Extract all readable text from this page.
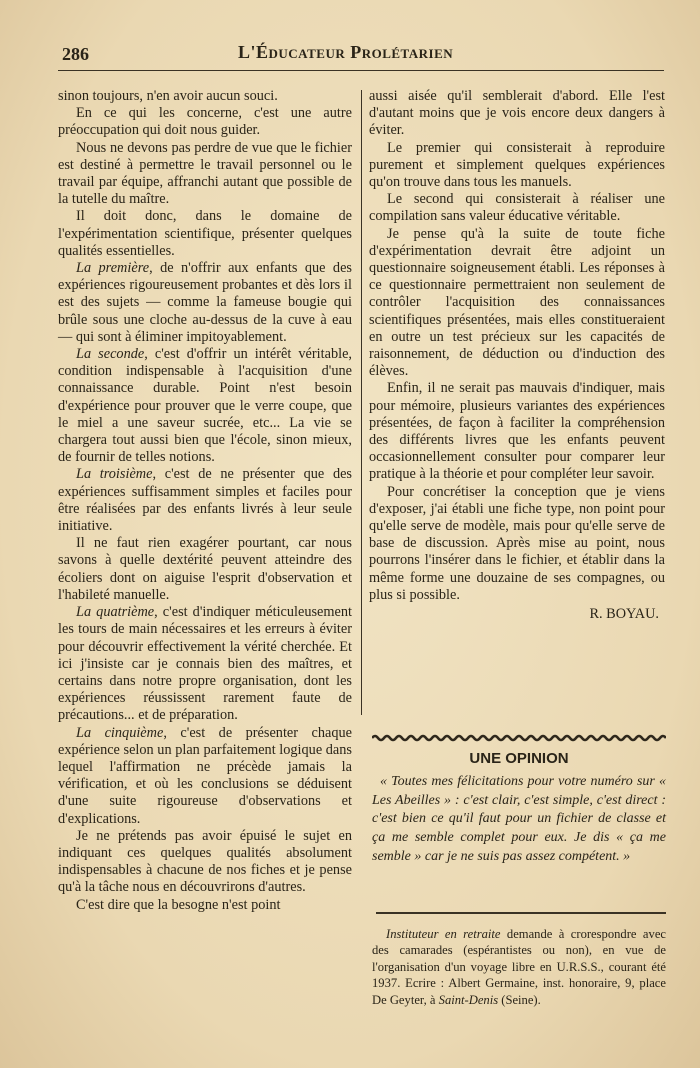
286	L'Éducateur Prolétarien

sinon toujours, n'en avoir aucun souci.

En ce qui les concerne, c'est une autre préoccupation qui doit nous guider.

Nous ne devons pas perdre de vue que le fichier est destiné à permettre le travail personnel ou le travail par équipe, affranchi autant que possible de la tutelle du maître.

Il doit donc, dans le domaine de l'expérimentation scientifique, présenter quelques qualités essentielles.

La première, de n'offrir aux enfants que des expériences rigoureusement probantes et dès lors il est des sujets — comme la fameuse bougie qui brûle sous une cloche au-dessus de la cuve à eau — qui sont à éliminer impitoyablement.

La seconde, c'est d'offrir un intérêt véritable, condition indispensable à l'acquisition d'une connaissance durable. Point n'est besoin d'expérience pour prouver que le verre coupe, que le miel a une saveur sucrée, etc... La vie se chargera tout aussi bien que l'école, sinon mieux, de fournir de telles notions.

La troisième, c'est de ne présenter que des expériences suffisamment simples et faciles pour être réalisées par des enfants livrés à leur seule initiative.

Il ne faut rien exagérer pourtant, car nous savons à quelle dextérité peuvent atteindre des écoliers dont on aiguise l'esprit d'observation et l'habileté manuelle.

La quatrième, c'est d'indiquer méticuleusement les tours de main nécessaires et les erreurs à éviter pour découvrir effectivement la vérité cherchée. Et ici j'insiste car je connais bien des maîtres, et certains dans notre propre organisation, dont les expériences réussissent rarement faute de précautions... et de préparation.

La cinquième, c'est de présenter chaque expérience selon un plan parfaitement logique dans lequel l'affirmation ne précède jamais la vérification, et où les conclusions se déduisent d'une suite rigoureuse d'observations et d'explications.

Je ne prétends pas avoir épuisé le sujet en indiquant ces quelques qualités absolument indispensables à chacune de nos fiches et je pense qu'à la tâche nous en découvrirons d'autres.

C'est dire que la besogne n'est point

aussi aisée qu'il semblerait d'abord. Elle l'est d'autant moins que je vois encore deux dangers à éviter.

Le premier qui consisterait à reproduire purement et simplement quelques expériences qu'on trouve dans tous les manuels.

Le second qui consisterait à réaliser une compilation sans valeur éducative véritable.

Je pense qu'à la suite de toute fiche d'expérimentation devrait être adjoint un questionnaire soigneusement établi. Les réponses à ce questionnaire permettraient non seulement de contrôler l'acquisition des connaissances scientifiques présentées, mais elles constitueraient en outre un test précieux sur les capacités de raisonnement, de déduction ou d'induction des élèves.

Enfin, il ne serait pas mauvais d'indiquer, mais pour mémoire, plusieurs variantes des expériences présentées, de façon à faciliter la compréhension des différents livres que les enfants peuvent occasionnellement consulter pour comparer leur pratique à la théorie et pour compléter leur savoir.

Pour concrétiser la conception que je viens d'exposer, j'ai établi une fiche type, non point pour qu'elle serve de modèle, mais pour qu'elle serve de base de discussion. Après mise au point, nous pourrons l'insérer dans le fichier, et établir dans la même forme une douzaine de ses compagnes, ou plus si possible.

R. BOYAU.
UNE OPINION
« Toutes mes félicitations pour votre numéro sur « Les Abeilles » : c'est clair, c'est simple, c'est direct : c'est bien ce qu'il faut pour un fichier de classe et ça me semble complet pour eux. Je dis « ça me semble » car je ne suis pas assez compétent. »
Instituteur en retraite demande à crorespondre avec des camarades (espérantistes ou non), en vue de l'organisation d'un voyage libre en U.R.S.S., courant été 1937. Ecrire : Albert Germaine, inst. honoraire, 9, place De Geyter, à Saint-Denis (Seine).
